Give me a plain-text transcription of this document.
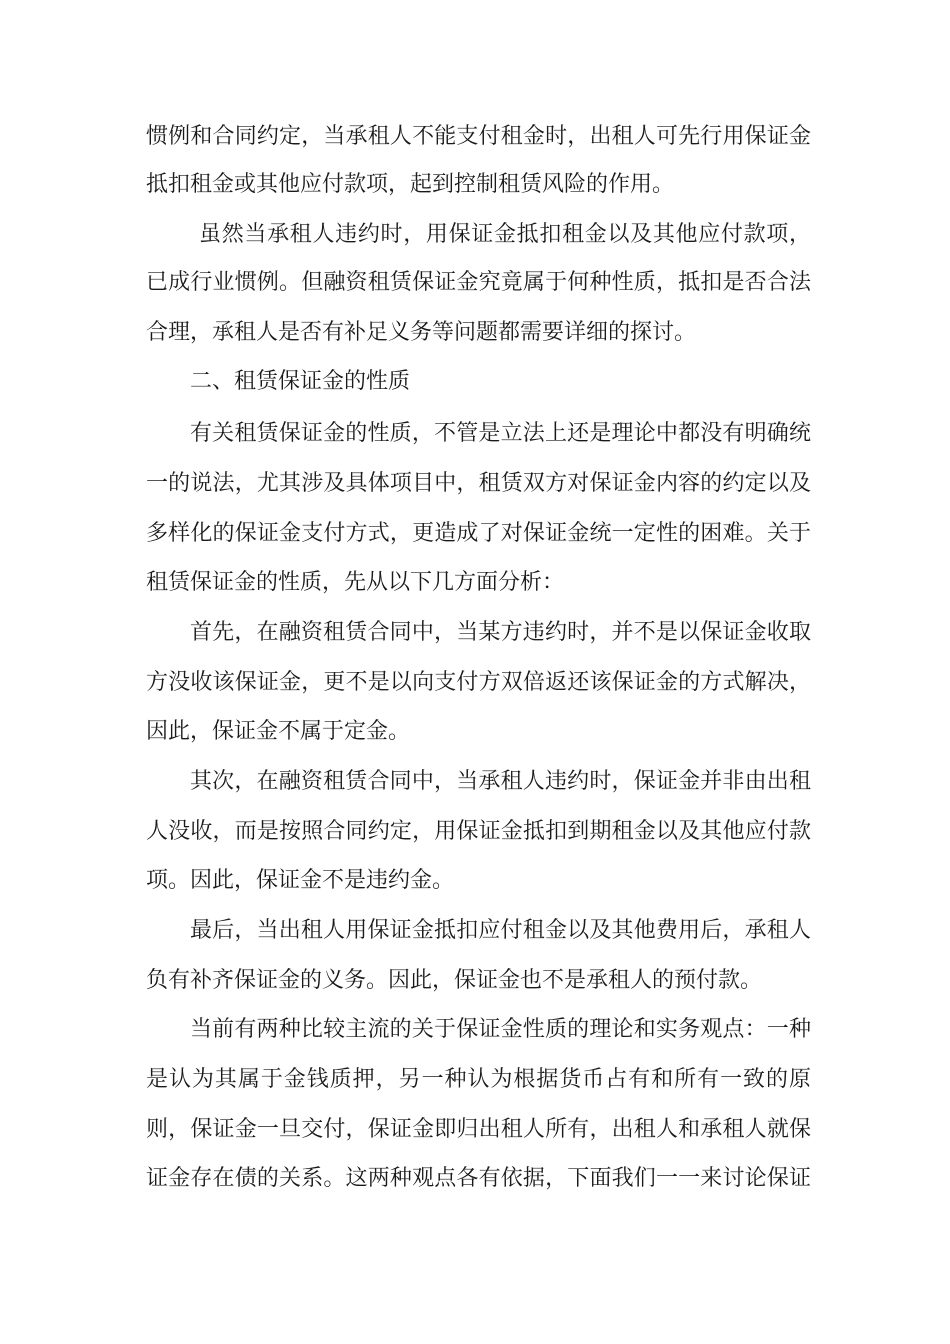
惯例和合同约定，当承租人不能支付租金时，出租人可先行用保证金
抵扣租金或其他应付款项，起到控制租赁风险的作用。
虽然当承租人违约时，用保证金抵扣租金以及其他应付款项，
已成行业惯例。但融资租赁保证金究竟属于何种性质，抵扣是否合法
合理，承租人是否有补足义务等问题都需要详细的探讨。
二、租赁保证金的性质
有关租赁保证金的性质，不管是立法上还是理论中都没有明确统
一的说法，尤其涉及具体项目中，租赁双方对保证金内容的约定以及
多样化的保证金支付方式，更造成了对保证金统一定性的困难。关于
租赁保证金的性质，先从以下几方面分析：
首先，在融资租赁合同中，当某方违约时，并不是以保证金收取
方没收该保证金，更不是以向支付方双倍返还该保证金的方式解决，
因此，保证金不属于定金。
其次，在融资租赁合同中，当承租人违约时，保证金并非由出租
人没收，而是按照合同约定，用保证金抵扣到期租金以及其他应付款
项。因此，保证金不是违约金。
最后，当出租人用保证金抵扣应付租金以及其他费用后，承租人
负有补齐保证金的义务。因此，保证金也不是承租人的预付款。
当前有两种比较主流的关于保证金性质的理论和实务观点：一种
是认为其属于金钱质押，另一种认为根据货币占有和所有一致的原
则，保证金一旦交付，保证金即归出租人所有，出租人和承租人就保
证金存在债的关系。这两种观点各有依据，下面我们一一来讨论保证
